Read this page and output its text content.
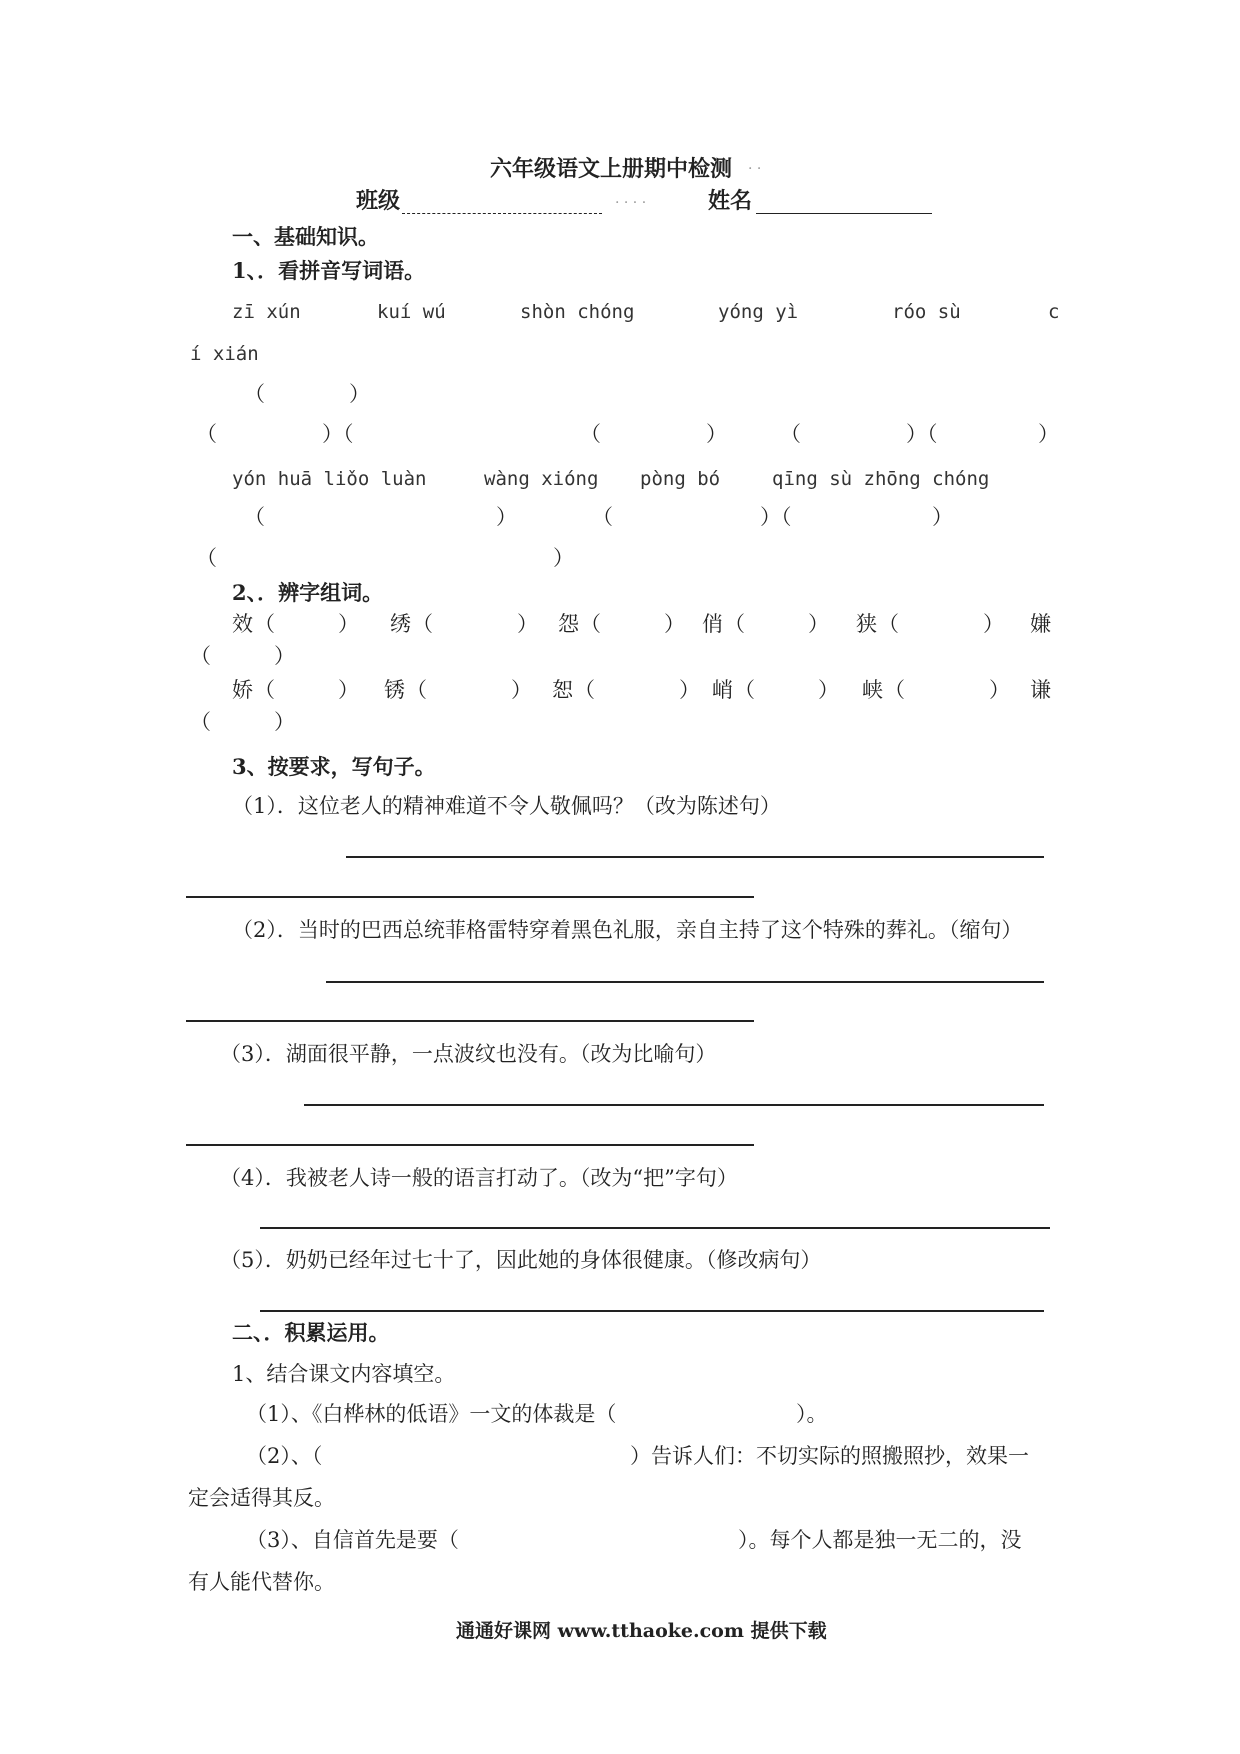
六年级语文上册期中检测 · ·
班级	· · · ·	姓名
一、基础知识。
1、．看拼音写词语。
zī xún	kuí wú	shòn chóng	yóng yì	róo sù	c
í xián
（　　　　）
（　　　　　）（	（　　　　　）	（　　　　　）（	）
yón huā liǒo luàn	wàng xióng pòng bó	qīng sù zhōng chóng
（　　　　　　　　　　　）	（　　　　　　　）（	）
（　　　　　　　　　　　　　　　　）
2、．辨字组词。
效 （　　　） 绣 （　　　　） 怨 （　　　） 俏 （　　　） 狭 （　　　　） 嫌
（　　　）
娇 （　　　） 锈 （　　　　） 恕 （　　　　） 峭 （　　　） 峡 （　　　　） 谦
（　　　）
3、按要求，写句子。
（1）．这位老人的精神难道不令人敬佩吗？（改为陈述句）
（2）．当时的巴西总统菲格雷特穿着黑色礼服，亲自主持了这个特殊的葬礼。（缩句）
（3）．湖面很平静，一点波纹也没有。（改为比喻句）
（4）．我被老人诗一般的语言打动了。（改为“把”字句）
（5）．奶奶已经年过七十了，因此她的身体很健康。（修改病句）
二、．积累运用。
1、结合课文内容填空。
（1）、《白桦林的低语》一文的体裁是（	）。
（2）、（	）告诉人们：不切实际的照搬照抄，效果一
定会适得其反。
（3）、自信首先是要（	）。每个人都是独一无二的，没
有人能代替你。
通通好课网 www.tthaoke.com 提供下载
